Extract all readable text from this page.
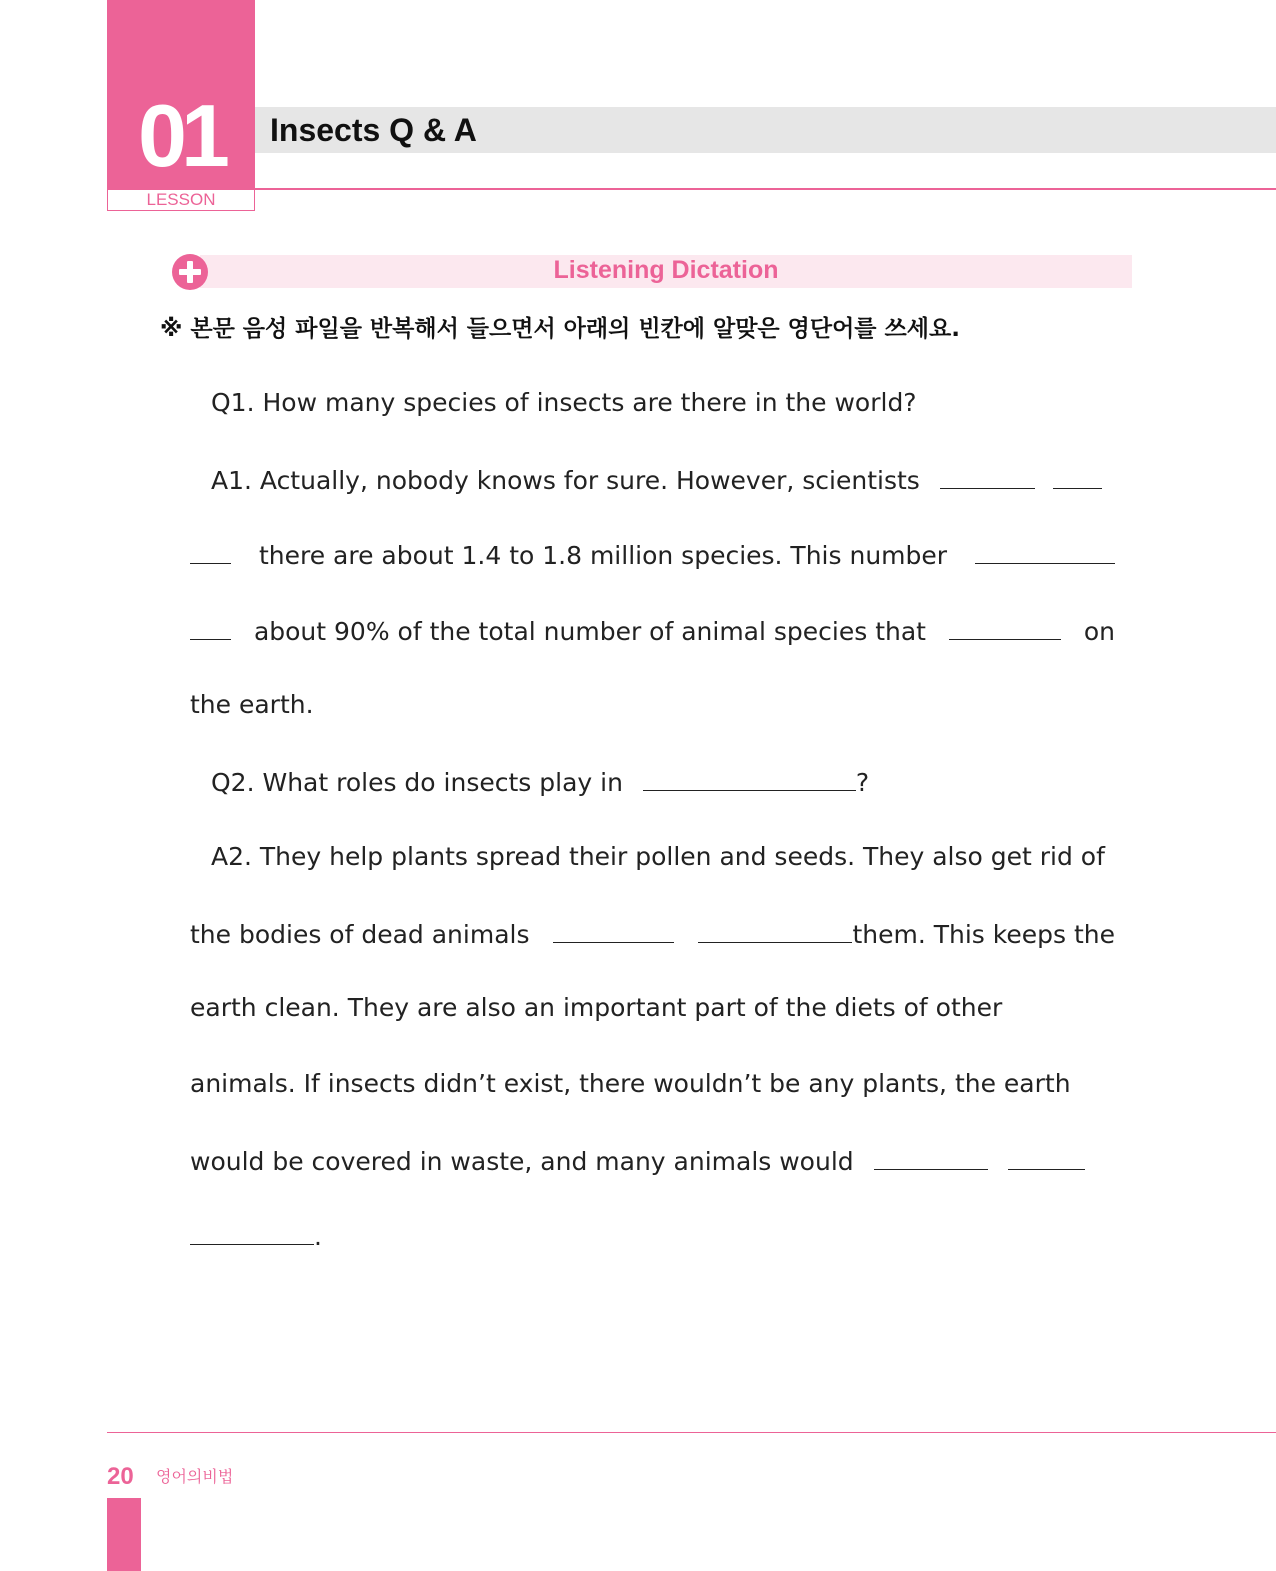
01
LESSON
Insects Q & A
Listening Dictation
※ 본문 음성 파일을 반복해서 들으면서 아래의 빈칸에 알맞은 영단어를 쓰세요.
Q1. How many species of insects are there in the world?
A1. Actually, nobody knows for sure. However, scientists
there are about 1.4 to 1.8 million species. This number
about 90% of the total number of animal species that	on
the earth.
Q2. What roles do insects play in	?
A2. They help plants spread their pollen and seeds. They also get rid of
the bodies of dead animals	them. This keeps the
earth clean. They are also an important part of the diets of other
animals. If insects didn’t exist, there wouldn’t be any plants, the earth
would be covered in waste, and many animals would
.
20 영어의비법
